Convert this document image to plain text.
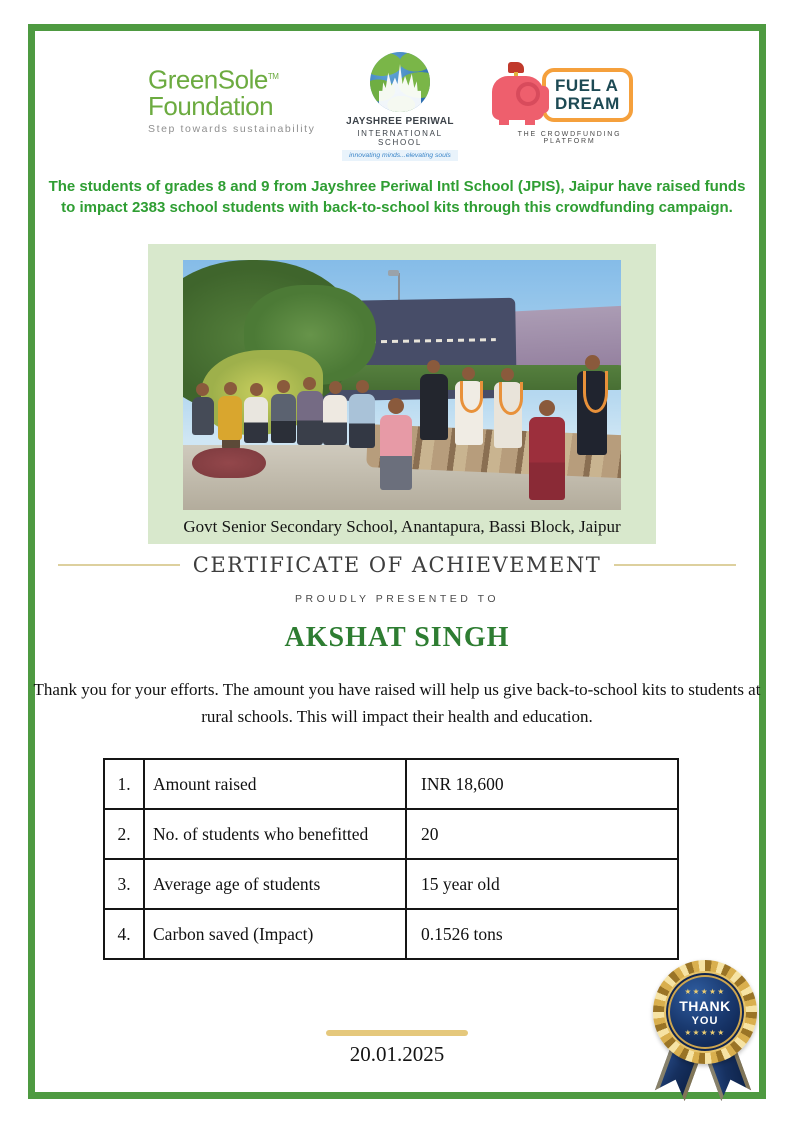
GreenSole™
Foundation
Step towards sustainability
JAYSHREE PERIWAL
INTERNATIONAL SCHOOL
innovating minds...elevating souls
FUEL A
DREAM
THE CROWDFUNDING PLATFORM

The students of grades 8 and 9 from Jayshree Periwal Intl School (JPIS), Jaipur have raised funds to impact 2383 school students with back-to-school kits through this crowdfunding campaign.

Govt Senior Secondary School, Anantapura, Bassi Block, Jaipur
CERTIFICATE OF ACHIEVEMENT
PROUDLY PRESENTED TO
AKSHAT SINGH

Thank you for your efforts. The amount you have raised will help us give back-to-school kits to students at rural schools. This will impact their health and education.

1.	Amount raised	INR 18,600
2.	No. of students who benefitted	20
3.	Average age of students	15 year old
4.	Carbon saved (Impact)	0.1526 tons
20.01.2025
★★★★★
THANK
YOU
★★★★★
